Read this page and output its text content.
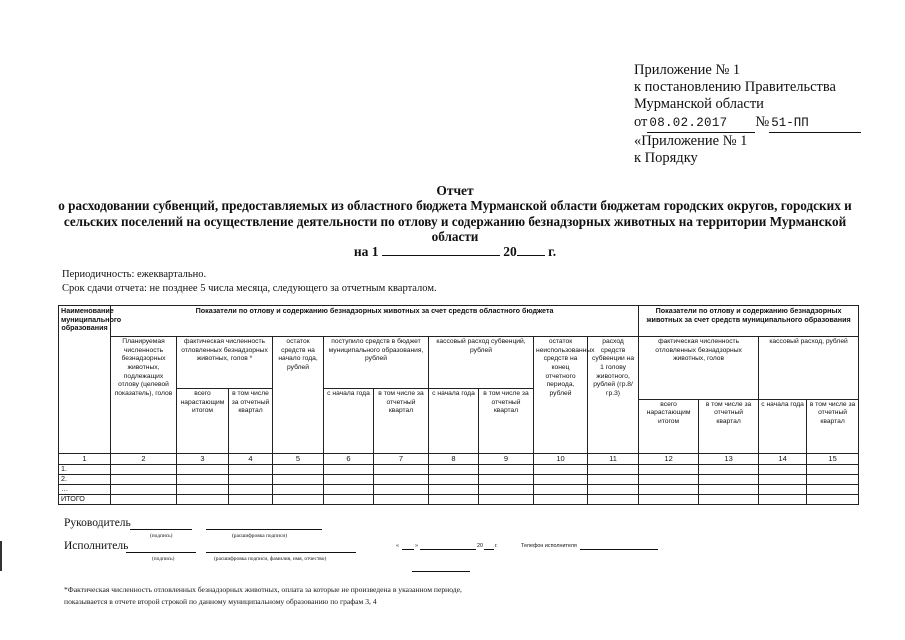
Приложение № 1
к постановлению Правительства
Мурманской области
от 08.02.2017 № 51-ПП
«Приложение № 1
к Порядку
Отчет
о расходовании субвенций, предоставляемых из областного бюджета Мурманской области бюджетам городских округов, городских и сельских поселений на осуществление деятельности по отлову и содержанию безнадзорных животных на территории Мурманской области
на 1	20 г.
Периодичность: ежеквартально.
Срок сдачи отчета: не позднее 5 числа месяца, следующего за отчетным кварталом.
Наименование муниципального образования	Показатели по отлову и содержанию безнадзорных животных за счет средств областного бюджета										Показатели по отлову и содержанию безнадзорных животных за счет средств муниципального образования			
	Планируемая численность безнадзорных животных, подлежащих отлову (целевой показатель), голов	фактическая численность отловленных безнадзорных животных, голов *		остаток средств на начало года, рублей	поступило средств в бюджет муниципального образования, рублей		кассовый расход субвенций, рублей		остаток неиспользованных средств на конец отчетного периода, рублей	расход средств субвенции на 1 голову животного, рублей (гр.8/гр.3)	фактическая численность отловленных безнадзорных животных, голов		кассовый расход, рублей	
		всего нарастающим итогом	в том числе за отчетный квартал		с начала года	в том числе за отчетный квартал	с начала года	в том числе за отчетный квартал						
											всего нарастающим итогом	в том числе за отчетный квартал	с начала года	в том числе за отчетный квартал
1	2	3	4	5	6	7	8	9	10	11	12	13	14	15
1.														
2.														
…														
ИТОГО														
Руководитель
(подпись)	(расшифровка подписи)
Исполнитель
(подпись)	(расшифровка подписи, фамилия, имя, отчество)
«	»	20 г.	Телефон исполнителя
*Фактическая численность отловленных безнадзорных животных, оплата за которые не произведена в указанном периоде,
показывается в отчете второй строкой по данному муниципальному образованию по графам 3, 4
